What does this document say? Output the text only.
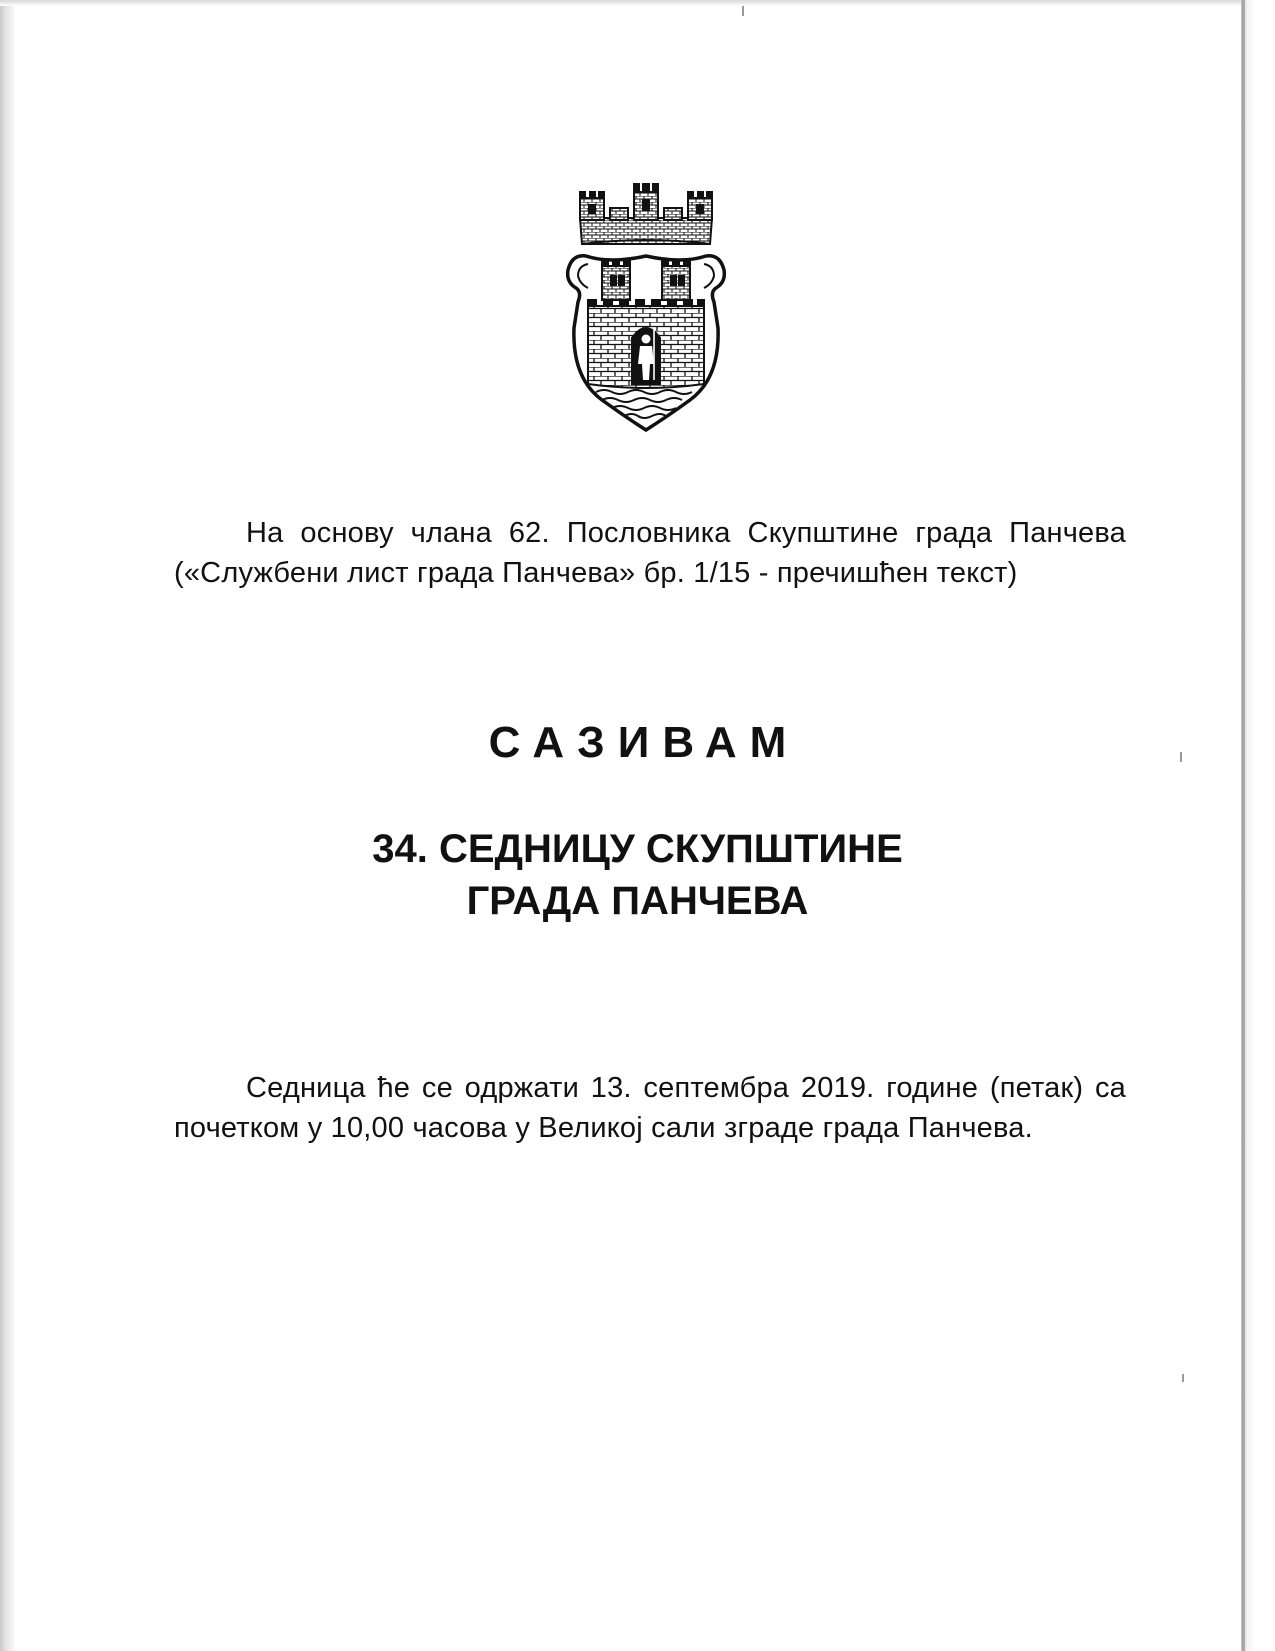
На основу члана 62. Пословника Скупштине града Панчева («Службени лист града Панчева» бр. 1/15 - пречишћен текст)
САЗИВАМ
34. СЕДНИЦУ СКУПШТИНЕ
ГРАДА ПАНЧЕВА
Седница ће се одржати 13. септембра 2019. године (петак) са почетком у 10,00 часова у Великој сали зграде града Панчева.
